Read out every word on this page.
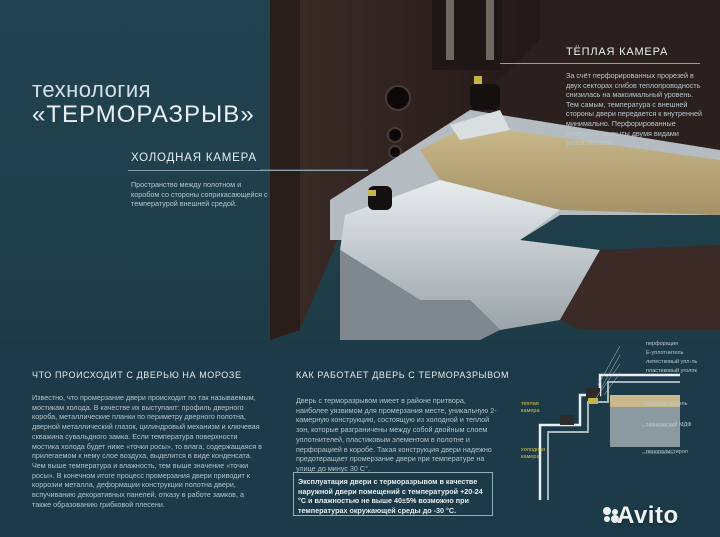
технология
«ТЕРМОРАЗРЫВ»
ХОЛОДНАЯ КАМЕРА
Пространство между полотном и коробом со стороны соприкасающейся с температурой внешней средой.
ТЁПЛАЯ КАМЕРА
За счёт перфорированных прорезей в двух секторах сгибов теплопроводность снизилась на максимальный уровень. Тем самым, температура с внешней стороны двери передается к внутренней минимально. Перфорированные отверстия закрыты двумя видами уплотнителей.
ЧТО ПРОИСХОДИТ С ДВЕРЬЮ НА МОРОЗЕ
Известно, что промерзание двери происходит по так называемым, мостикам холода. В качестве их выступают: профиль дверного короба, металлические планки по периметру дверного полотна, дверной металлический глазок, цилиндровый механизм и ключевая скважина сувальдного замка. Если температура поверхности мостика холода будет ниже «точки росы», то влага, содержащаяся в прилегаемом к нему слое воздуха, выделится в виде конденсата. Чем выше температура и влажность, тем выше значение «точки росы». В конечном итоге процесс промерзания двери приводит к коррозии металла, деформации конструкции полотна двери, вспучиванию декоративных панелей, отказу в работе замков, а также образованию грибковой плесени.
КАК РАБОТАЕТ ДВЕРЬ С ТЕРМОРАЗРЫВОМ
Дверь с терморазрывом имеет в районе притвора, наиболее уязвимом для промерзания месте, уникальную 2-камерную конструкцию, состоящую из холодной и теплой зон, которые разграничены между собой двойным слоем уплотнителей, пластиковым элементом в полотне и перфорацией в коробе. Такая конструкция двери надежно предотвращает промерзание двери при температуре на улице до минус 30 С°.
Эксплуатация двери с терморазрывом в качестве наружной двери помещений с температурой +20-24 °С и влажностью не выше 40±5% возможно при температурах окружающей среды до -30 °С.
перфорация
Е-уплотнитель
лепестковый упл-ль
пластиковый уголок
внутрен. панель
технический МДФ
пенополистирол
теплая камера
холодная камера
Avito
